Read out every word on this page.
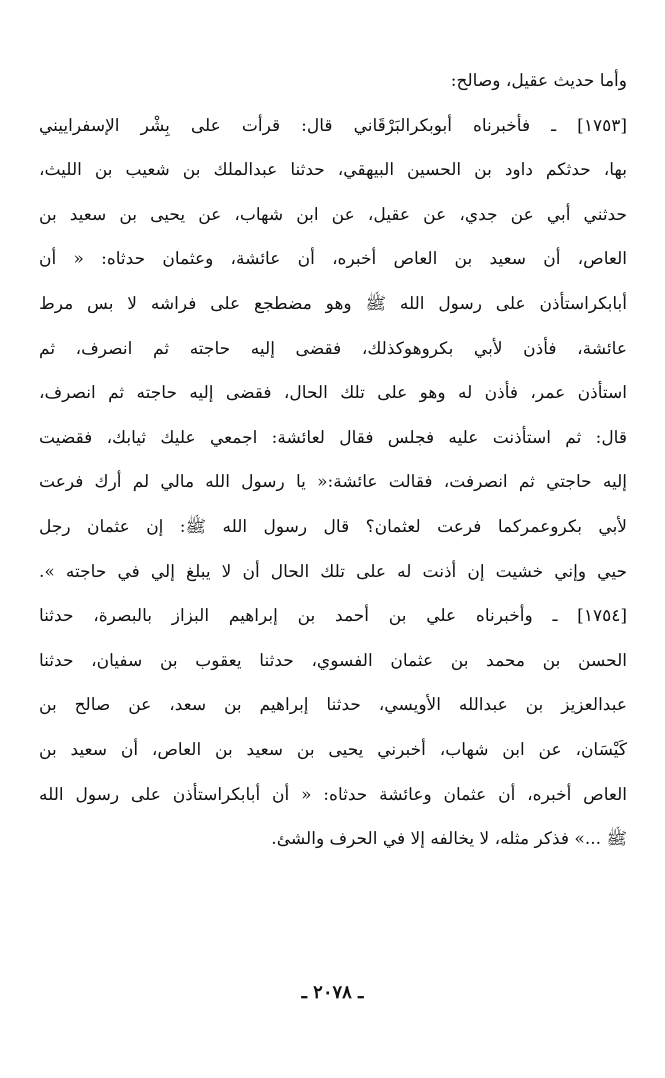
وأما حديث عقيل، وصالح:
[١٧٥٣] ـ فأخبرناه أبوبكرالبَرْقَاني قال: قرأت على بِشْر الإسفراييني
بها، حدثكم داود بن الحسين البيهقي، حدثنا عبدالملك بن شعيب بن الليث،
حدثني أبي عن جدي، عن عقيل، عن ابن شهاب، عن يحيى بن سعيد بن
العاص، أن سعيد بن العاص أخبره، أن عائشة، وعثمان حدثاه: « أن
أبابكراستأذن على رسول الله ﷺ وهو مضطجع على فراشه لا بس مرط
عائشة، فأذن لأبي بكروهوكذلك، فقضى إليه حاجته ثم انصرف، ثم
استأذن عمر، فأذن له وهو على تلك الحال، فقضى إليه حاجته ثم انصرف،
قال: ثم استأذنت عليه فجلس فقال لعائشة: اجمعي عليك ثيابك، فقضيت
إليه حاجتي ثم انصرفت، فقالت عائشة:« يا رسول الله مالي لم أرك فرعت
لأبي بكروعمركما فرعت لعثمان؟ قال رسول الله ﷺ: إن عثمان رجل
حيي وإني خشيت إن أذنت له على تلك الحال أن لا يبلغ إلي في حاجته ».
[١٧٥٤] ـ وأخبرناه علي بن أحمد بن إبراهيم البزاز بالبصرة، حدثنا
الحسن بن محمد بن عثمان الفسوي، حدثنا يعقوب بن سفيان، حدثنا
عبدالعزيز بن عبدالله الأويسي، حدثنا إبراهيم بن سعد، عن صالح بن
كَيْسَان، عن ابن شهاب، أخبرني يحيى بن سعيد بن العاص، أن سعيد بن
العاص أخبره، أن عثمان وعائشة حدثاه: « أن أبابكراستأذن على رسول الله
ﷺ ...» فذكر مثله، لا يخالفه إلا في الحرف والشئ.
ـ ٢٠٧٨ ـ
